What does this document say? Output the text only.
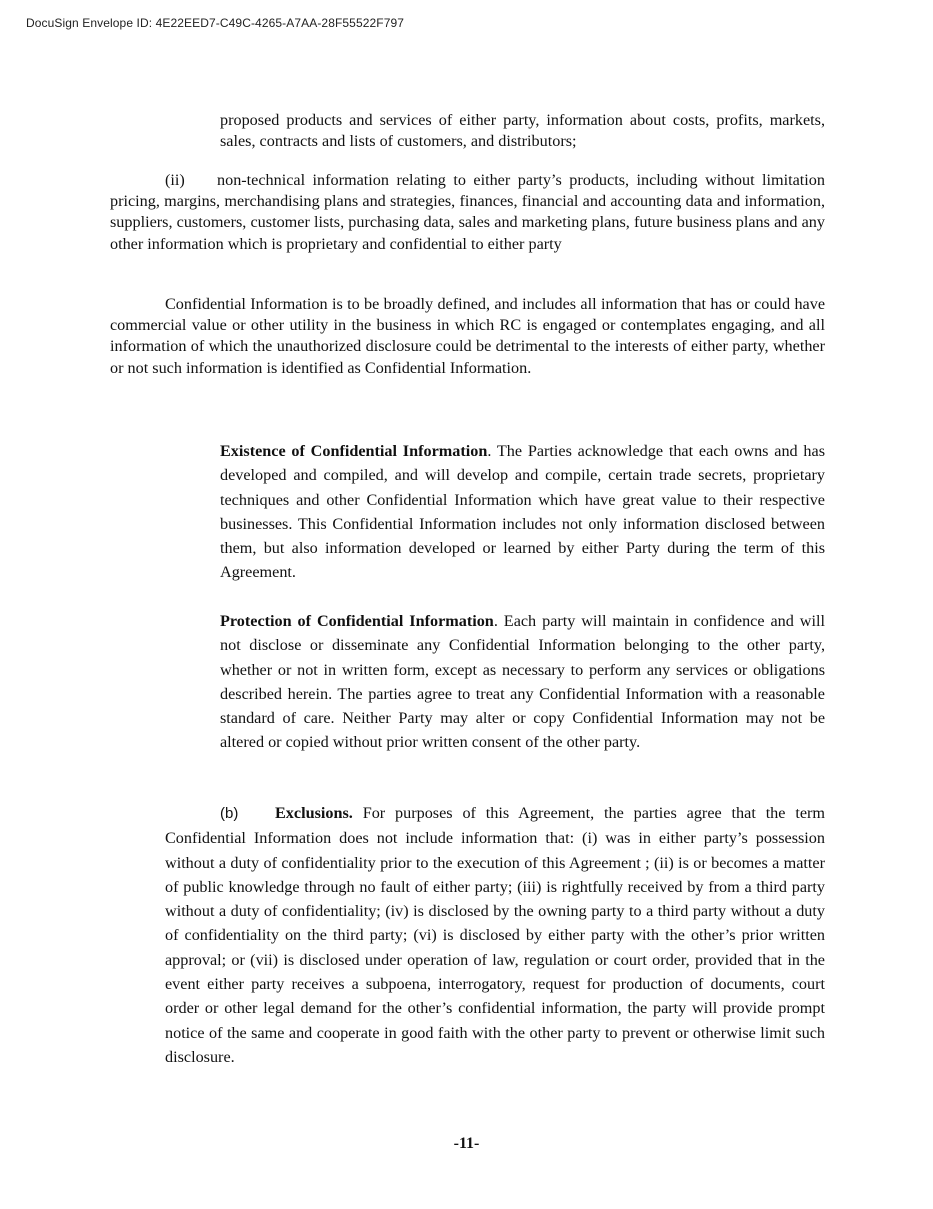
DocuSign Envelope ID: 4E22EED7-C49C-4265-A7AA-28F55522F797
proposed products and services of either party, information about costs, profits, markets, sales, contracts and lists of customers, and distributors;
(ii) non-technical information relating to either party’s products, including without limitation pricing, margins, merchandising plans and strategies, finances, financial and accounting data and information, suppliers, customers, customer lists, purchasing data, sales and marketing plans, future business plans and any other information which is proprietary and confidential to either party
Confidential Information is to be broadly defined, and includes all information that has or could have commercial value or other utility in the business in which RC is engaged or contemplates engaging, and all information of which the unauthorized disclosure could be detrimental to the interests of either party, whether or not such information is identified as Confidential Information.
Existence of Confidential Information. The Parties acknowledge that each owns and has developed and compiled, and will develop and compile, certain trade secrets, proprietary techniques and other Confidential Information which have great value to their respective businesses. This Confidential Information includes not only information disclosed between them, but also information developed or learned by either Party during the term of this Agreement.
Protection of Confidential Information. Each party will maintain in confidence and will not disclose or disseminate any Confidential Information belonging to the other party, whether or not in written form, except as necessary to perform any services or obligations described herein. The parties agree to treat any Confidential Information with a reasonable standard of care. Neither Party may alter or copy Confidential Information may not be altered or copied without prior written consent of the other party.
(b) Exclusions. For purposes of this Agreement, the parties agree that the term Confidential Information does not include information that: (i) was in either party’s possession without a duty of confidentiality prior to the execution of this Agreement ; (ii) is or becomes a matter of public knowledge through no fault of either party; (iii) is rightfully received by from a third party without a duty of confidentiality; (iv) is disclosed by the owning party to a third party without a duty of confidentiality on the third party; (vi) is disclosed by either party with the other’s prior written approval; or (vii) is disclosed under operation of law, regulation or court order, provided that in the event either party receives a subpoena, interrogatory, request for production of documents, court order or other legal demand for the other’s confidential information, the party will provide prompt notice of the same and cooperate in good faith with the other party to prevent or otherwise limit such disclosure.
-11-
